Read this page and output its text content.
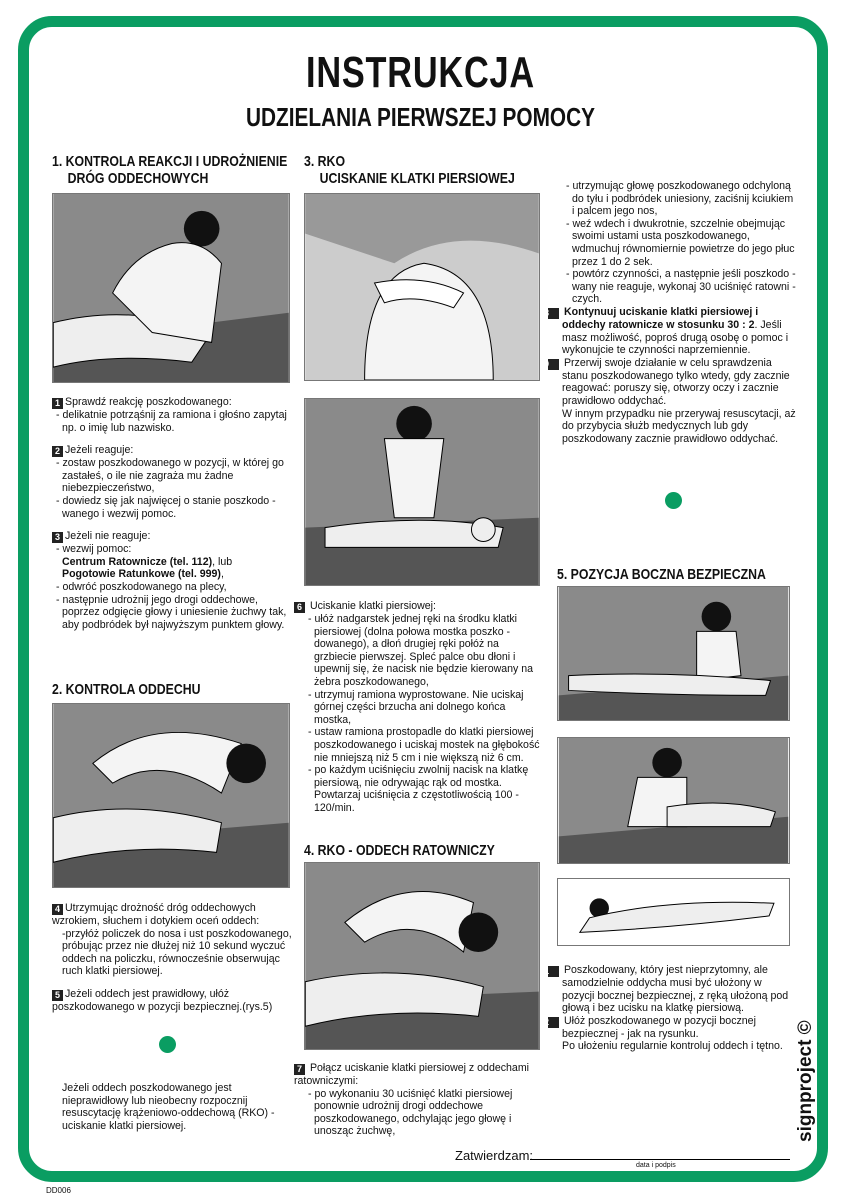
INSTRUKCJA
UDZIELANIA PIERWSZEJ POMOCY
1. KONTROLA REAKCJI I UDROŻNIENIE
DRÓG ODDECHOWYCH
1 Sprawdź reakcję poszkodowanego:
- delikatnie potrząśnij za ramiona i głośno zapytaj np. o imię lub nazwisko.
2 Jeżeli reaguje:
- zostaw poszkodowanego w pozycji, w której go zastałeś, o ile nie zagraża mu żadne niebezpieczeństwo,
- dowiedz się jak najwięcej o stanie poszkodo - wanego i wezwij pomoc.
3 Jeżeli nie reaguje:
- wezwij pomoc:
Centrum Ratownicze (tel. 112), lub
Pogotowie Ratunkowe (tel. 999),
- odwróć poszkodowanego na plecy,
- następnie udrożnij jego drogi oddechowe, poprzez odgięcie głowy i uniesienie żuchwy tak, aby podbródek był najwyższym punktem głowy.
2. KONTROLA ODDECHU
4 Utrzymując drożność dróg oddechowych wzrokiem, słuchem i dotykiem oceń oddech:
-przyłóż policzek do nosa i ust poszkodowanego, próbując przez nie dłużej niż 10 sekund wyczuć oddech na policzku, równocześnie obserwując ruch klatki piersiowej.
5 Jeżeli oddech jest prawidłowy, ułóż poszkodowanego w pozycji bezpiecznej.(rys.5)
Jeżeli oddech poszkodowanego jest nieprawidłowy lub nieobecny rozpocznij resuscytację krążeniowo-oddechową (RKO) - uciskanie klatki piersiowej.
3. RKO
UCISKANIE KLATKI PIERSIOWEJ
6 Uciskanie klatki piersiowej:
- ułóż nadgarstek jednej ręki na środku klatki piersiowej (dolna połowa mostka poszko - dowanego), a dłoń drugiej ręki połóż na grzbiecie pierwszej. Spleć palce obu dłoni i upewnij się, że nacisk nie będzie kierowany na żebra poszkodowanego,
- utrzymuj ramiona wyprostowane. Nie uciskaj górnej części brzucha ani dolnego końca mostka,
- ustaw ramiona prostopadle do klatki piersiowej poszkodowanego i uciskaj mostek na głębokość nie mniejszą niż 5 cm i nie większą niż 6 cm.
- po każdym uciśnięciu zwolnij nacisk na klatkę piersiową, nie odrywając rąk od mostka. Powtarzaj uciśnięcia z częstotliwością 100 - 120/min.
4. RKO - ODDECH RATOWNICZY
7 Połącz uciskanie klatki piersiowej z oddechami ratowniczymi:
- po wykonaniu 30 uciśnięć klatki piersiowej ponownie udrożnij drogi oddechowe poszkodowanego, odchylając jego głowę i unosząc żuchwę,
- utrzymując głowę poszkodowanego odchyloną do tyłu i podbródek uniesiony, zaciśnij kciukiem i palcem jego nos,
- weź wdech i dwukrotnie, szczelnie obejmując swoimi ustami usta poszkodowanego, wdmuchuj równomiernie powietrze do jego płuc przez 1 do 2 sek.
- powtórz czynności, a następnie jeśli poszkodo - wany nie reaguje, wykonaj 30 uciśnięć ratowni - czych.
8 Kontynuuj uciskanie klatki piersiowej i oddechy ratownicze w stosunku 30 : 2. Jeśli masz możliwość, poproś drugą osobę o pomoc i wykonujcie te czynności naprzemiennie.
9 Przerwij swoje działanie w celu sprawdzenia stanu poszkodowanego tylko wtedy, gdy zacznie reagować: poruszy się, otworzy oczy i zacznie prawidłowo oddychać.
W innym przypadku nie przerywaj resuscytacji, aż do przybycia służb medycznych lub gdy poszkodowany zacznie prawidłowo oddychać.
5. POZYCJA BOCZNA BEZPIECZNA
1 Poszkodowany, który jest nieprzytomny, ale samodzielnie oddycha musi być ułożony w pozycji bocznej bezpiecznej, z ręką ułożoną pod głową i bez ucisku na klatkę piersiową.
2 Ułóż poszkodowanego w pozycji bocznej bezpiecznej - jak na rysunku.
Po ułożeniu regularnie kontroluj oddech i tętno. signproject ©
Zatwierdzam:
data i podpis
DD006
